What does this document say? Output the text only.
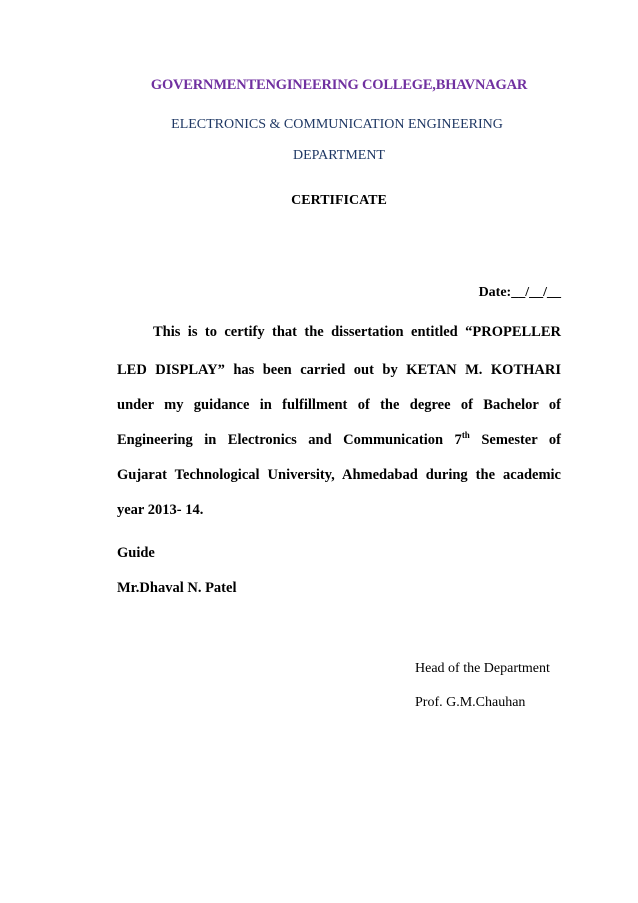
GOVERNMENTENGINEERING COLLEGE,BHAVNAGAR
ELECTRONICS & COMMUNICATION ENGINEERING
DEPARTMENT
CERTIFICATE
Date:__/__/__
This is to certify that the dissertation entitled “PROPELLER
LED DISPLAY” has been carried out by KETAN M. KOTHARI
under my guidance in fulfillment of the degree of Bachelor of
Engineering in Electronics and Communication 7th Semester of
Gujarat Technological University, Ahmedabad during the academic
year 2013- 14.
Guide
Mr.Dhaval N. Patel
Head of the Department
Prof. G.M.Chauhan
